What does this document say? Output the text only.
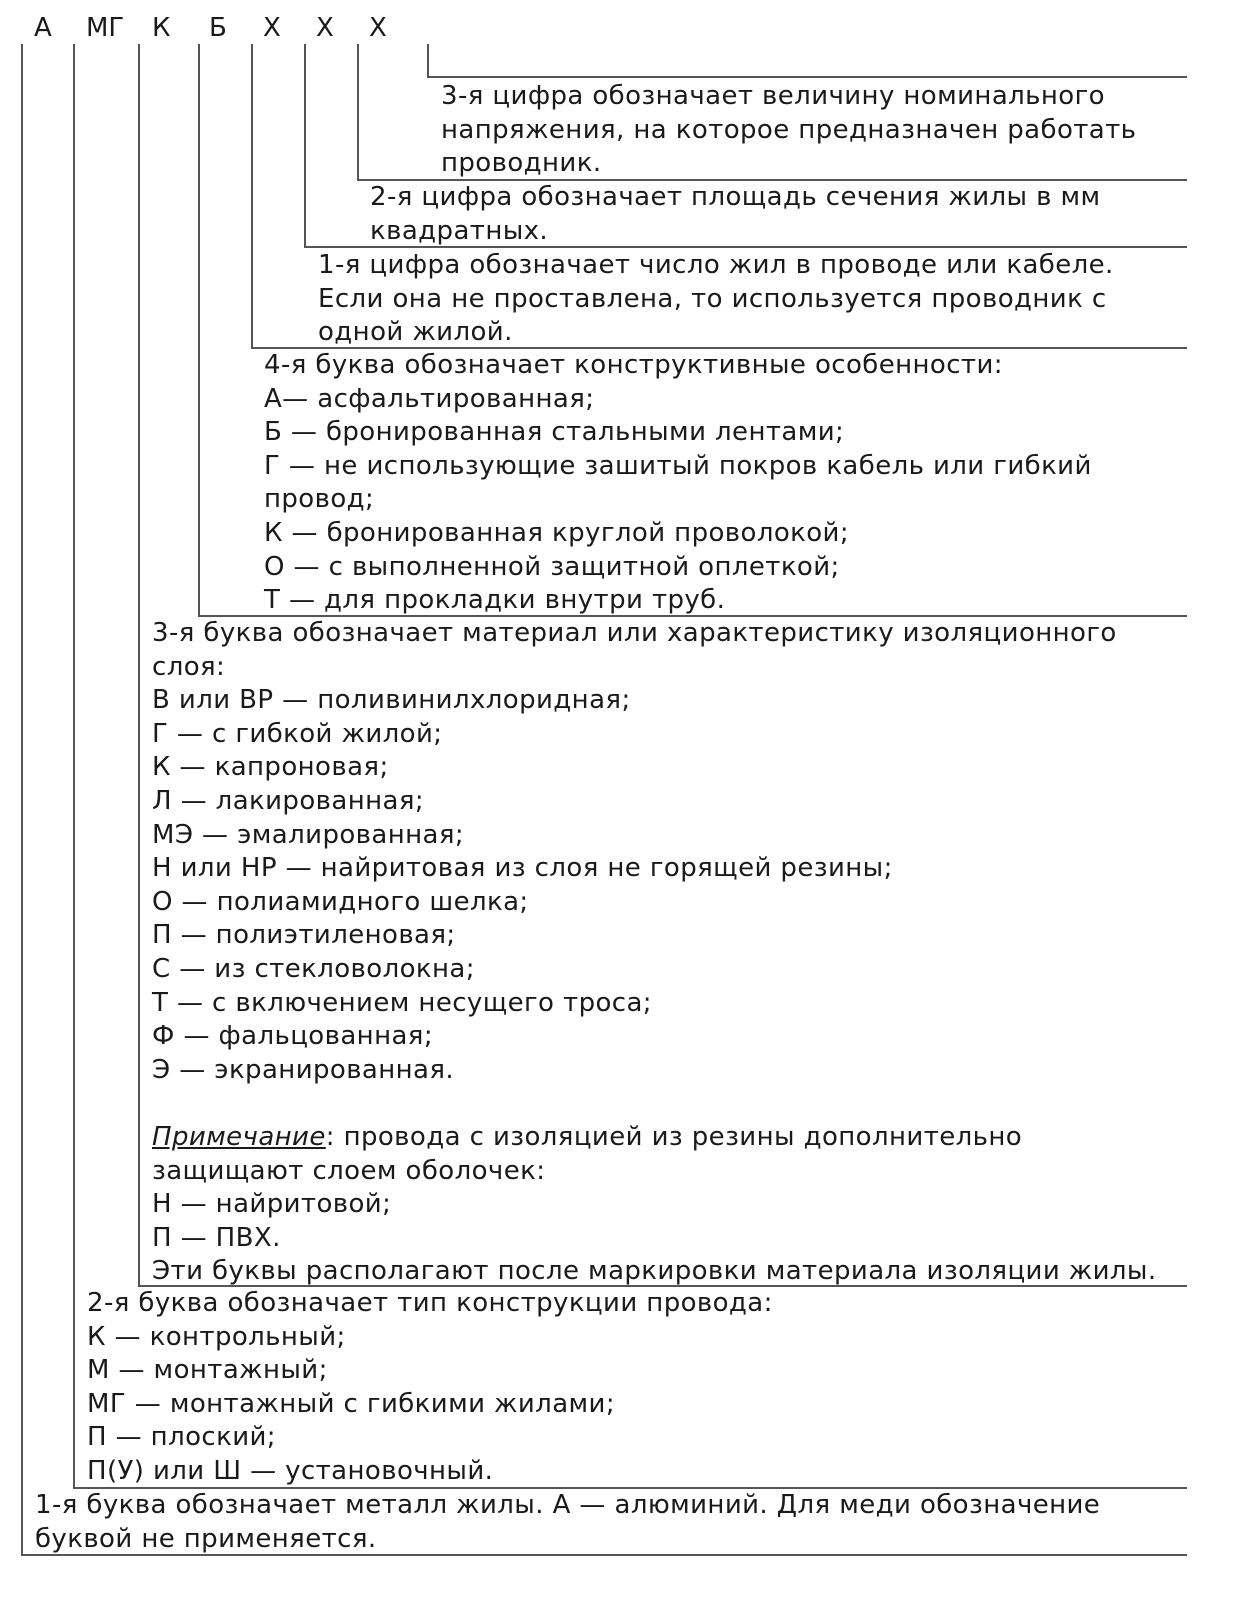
А МГ К Б Х Х Х
3-я цифра обозначает величину номинального
напряжения, на которое предназначен работать
проводник.
2-я цифра обозначает площадь сечения жилы в мм
квадратных.
1-я цифра обозначает число жил в проводе или кабеле.
Если она не проставлена, то используется проводник с
одной жилой.
4-я буква обозначает конструктивные особенности:
А— асфальтированная;
Б — бронированная стальными лентами;
Г — не использующие зашитый покров кабель или гибкий
провод;
К — бронированная круглой проволокой;
О — с выполненной защитной оплеткой;
Т — для прокладки внутри труб.
3-я буква обозначает материал или характеристику изоляционного
слоя:
В или ВР — поливинилхлоридная;
Г — с гибкой жилой;
К — капроновая;
Л — лакированная;
МЭ — эмалированная;
Н или НР — найритовая из слоя не горящей резины;
О — полиамидного шелка;
П — полиэтиленовая;
С — из стекловолокна;
Т — с включением несущего троса;
Ф — фальцованная;
Э — экранированная.
Примечание: провода с изоляцией из резины дополнительно
защищают слоем оболочек:
Н — найритовой;
П — ПВХ.
Эти буквы располагают после маркировки материала изоляции жилы.
2-я буква обозначает тип конструкции провода:
К — контрольный;
М — монтажный;
МГ — монтажный с гибкими жилами;
П — плоский;
П(У) или Ш — установочный.
1-я буква обозначает металл жилы. А — алюминий. Для меди обозначение
буквой не применяется.
